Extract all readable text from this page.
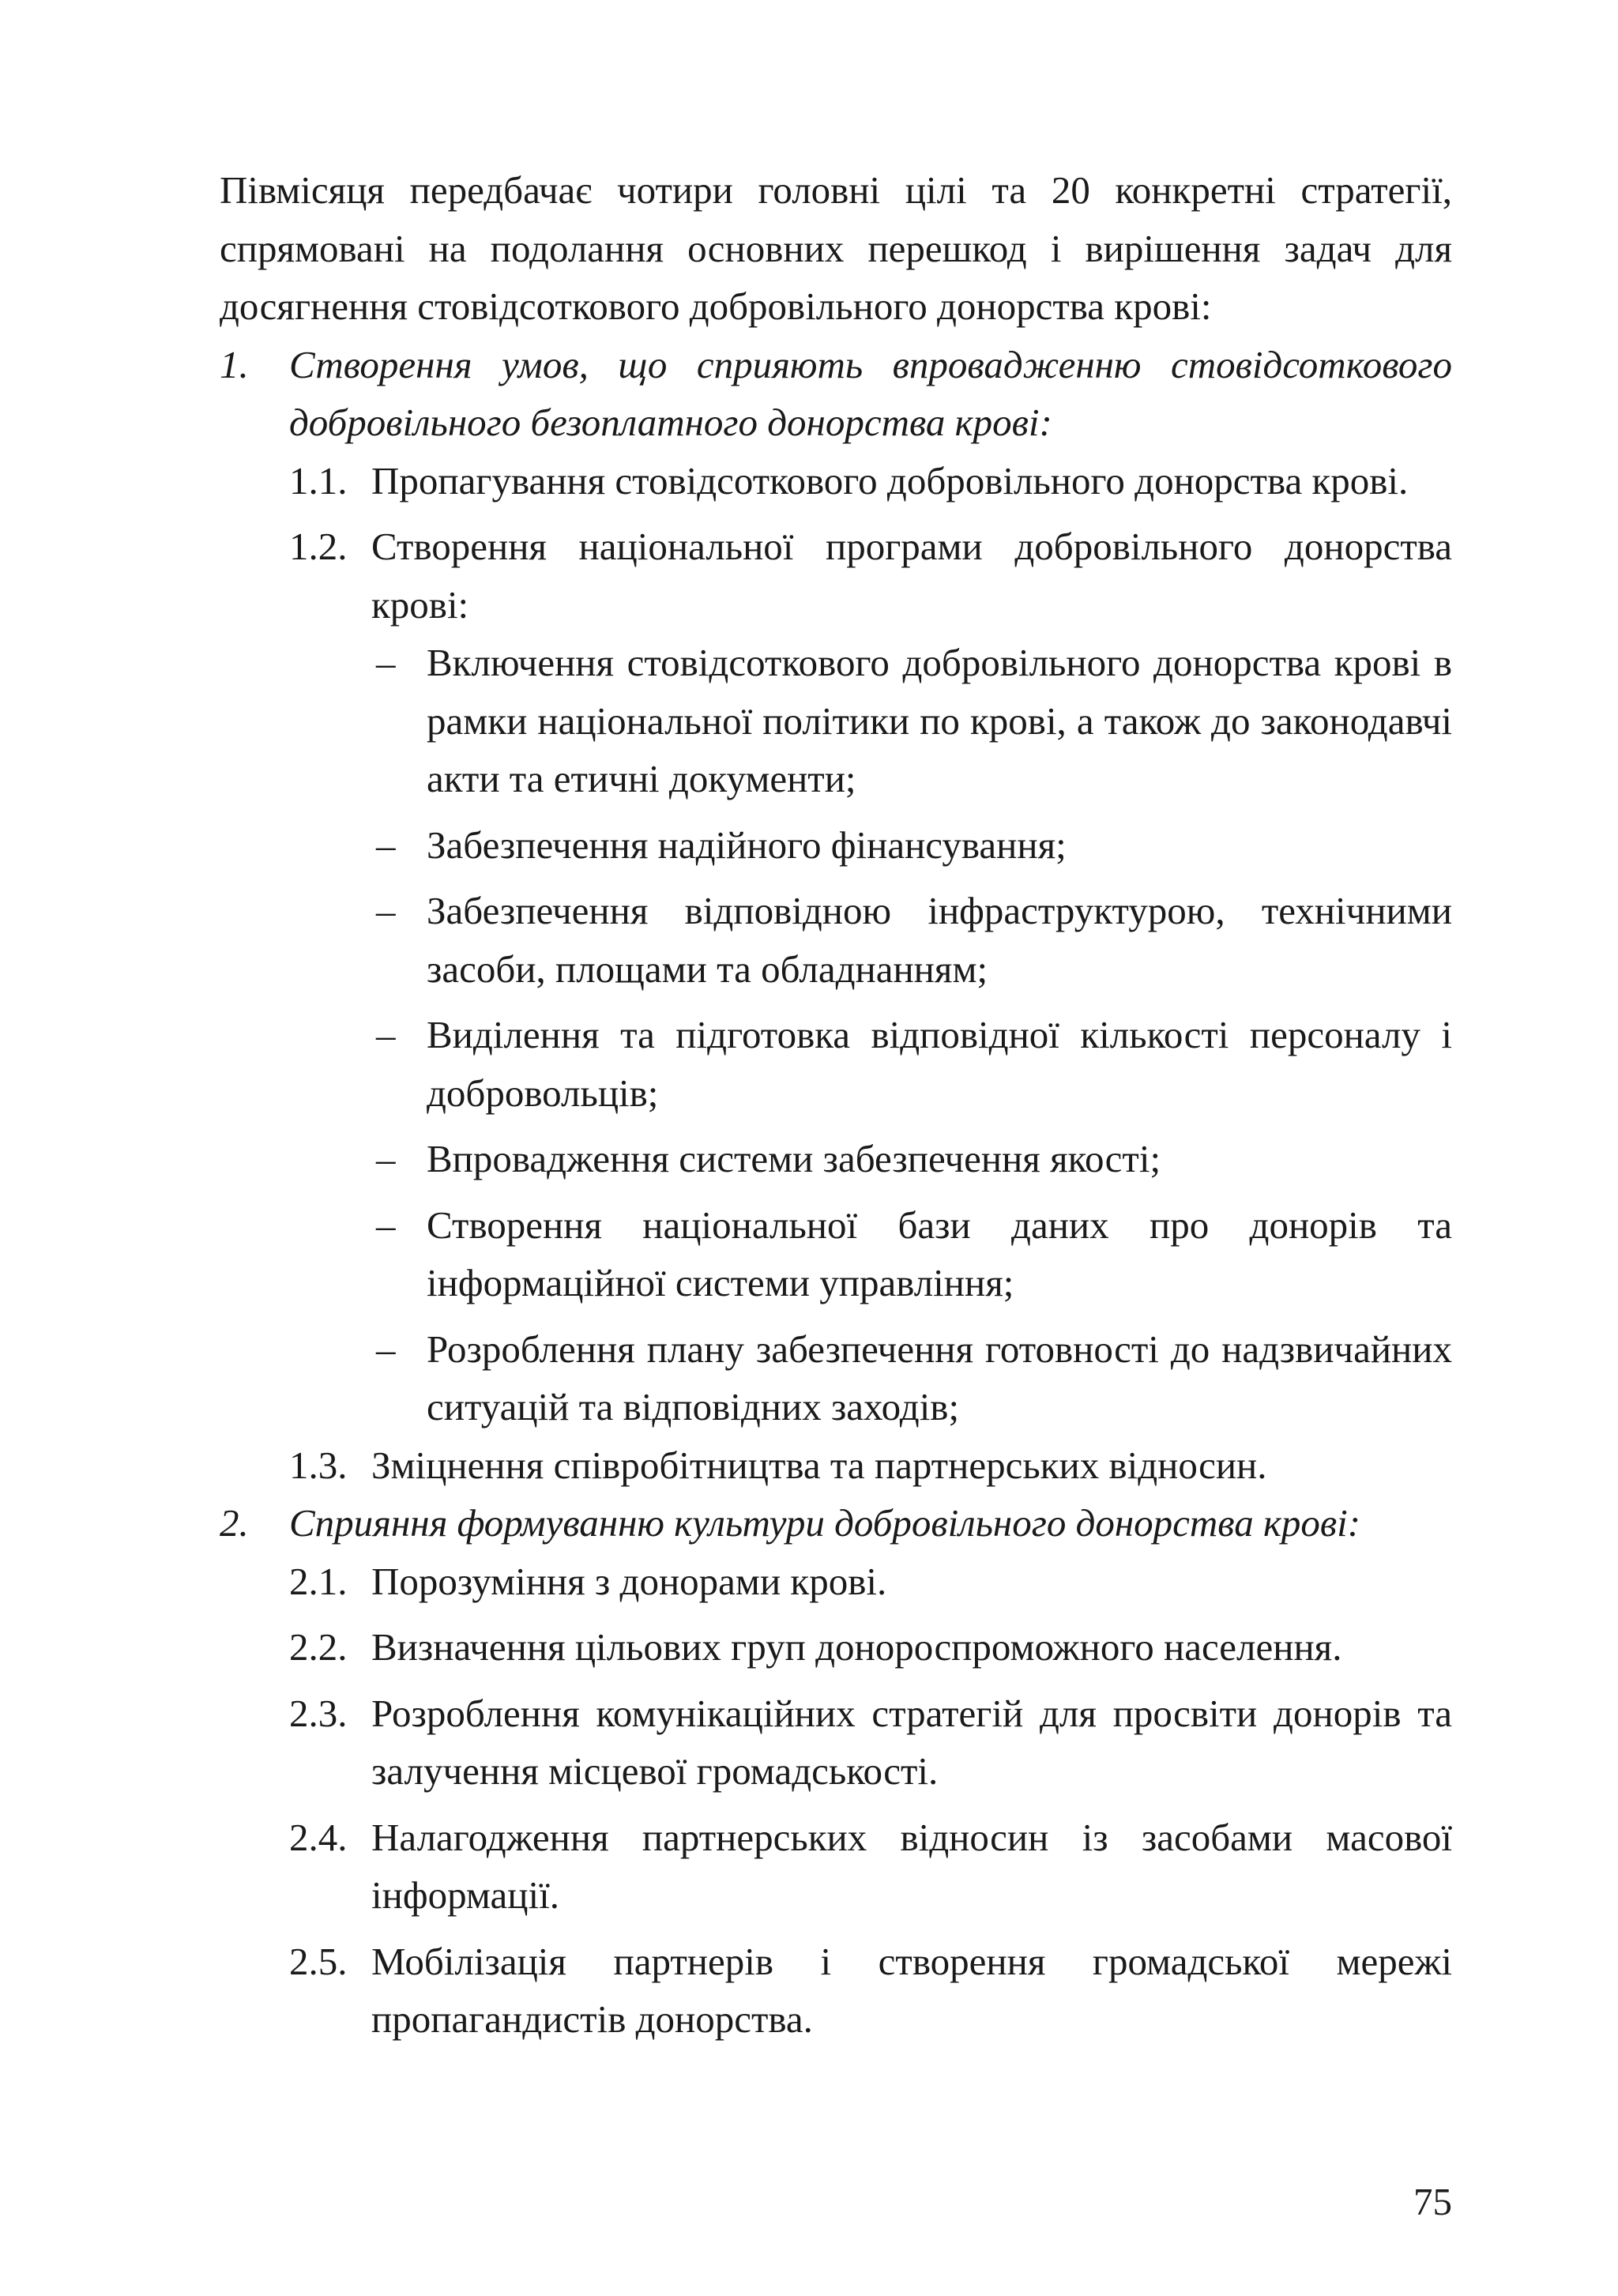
Півмісяця передбачає чотири головні цілі та 20 конкретні стратегії, спрямовані на подолання основних перешкод і вирішення задач для досягнення стовідсоткового добровільного донорства крові:

1. Створення умов, що сприяють впровадженню стовідсоткового добровільного безоплатного донорства крові:
1.1. Пропагування стовідсоткового добровільного донорства крові.
1.2. Створення національної програми добровільного донорства крові:
– Включення стовідсоткового добровільного донорства крові в рамки національної політики по крові, а також до законодавчі акти та етичні документи;
– Забезпечення надійного фінансування;
– Забезпечення відповідною інфраструктурою, технічними засоби, площами та обладнанням;
– Виділення та підготовка відповідної кількості персоналу і добровольців;
– Впровадження системи забезпечення якості;
– Створення національної бази даних про донорів та інформаційної системи управління;
– Розроблення плану забезпечення готовності до надзвичайних ситуацій та відповідних заходів;
1.3. Зміцнення співробітництва та партнерських відносин.
2. Сприяння формуванню культури добровільного донорства крові:
2.1. Порозуміння з донорами крові.
2.2. Визначення цільових груп донороспроможного населення.
2.3. Розроблення комунікаційних стратегій для просвіти донорів та залучення місцевої громадськості.
2.4. Налагодження партнерських відносин із засобами масової інформації.
2.5. Мобілізація партнерів і створення громадської мережі пропагандистів донорства.
75
